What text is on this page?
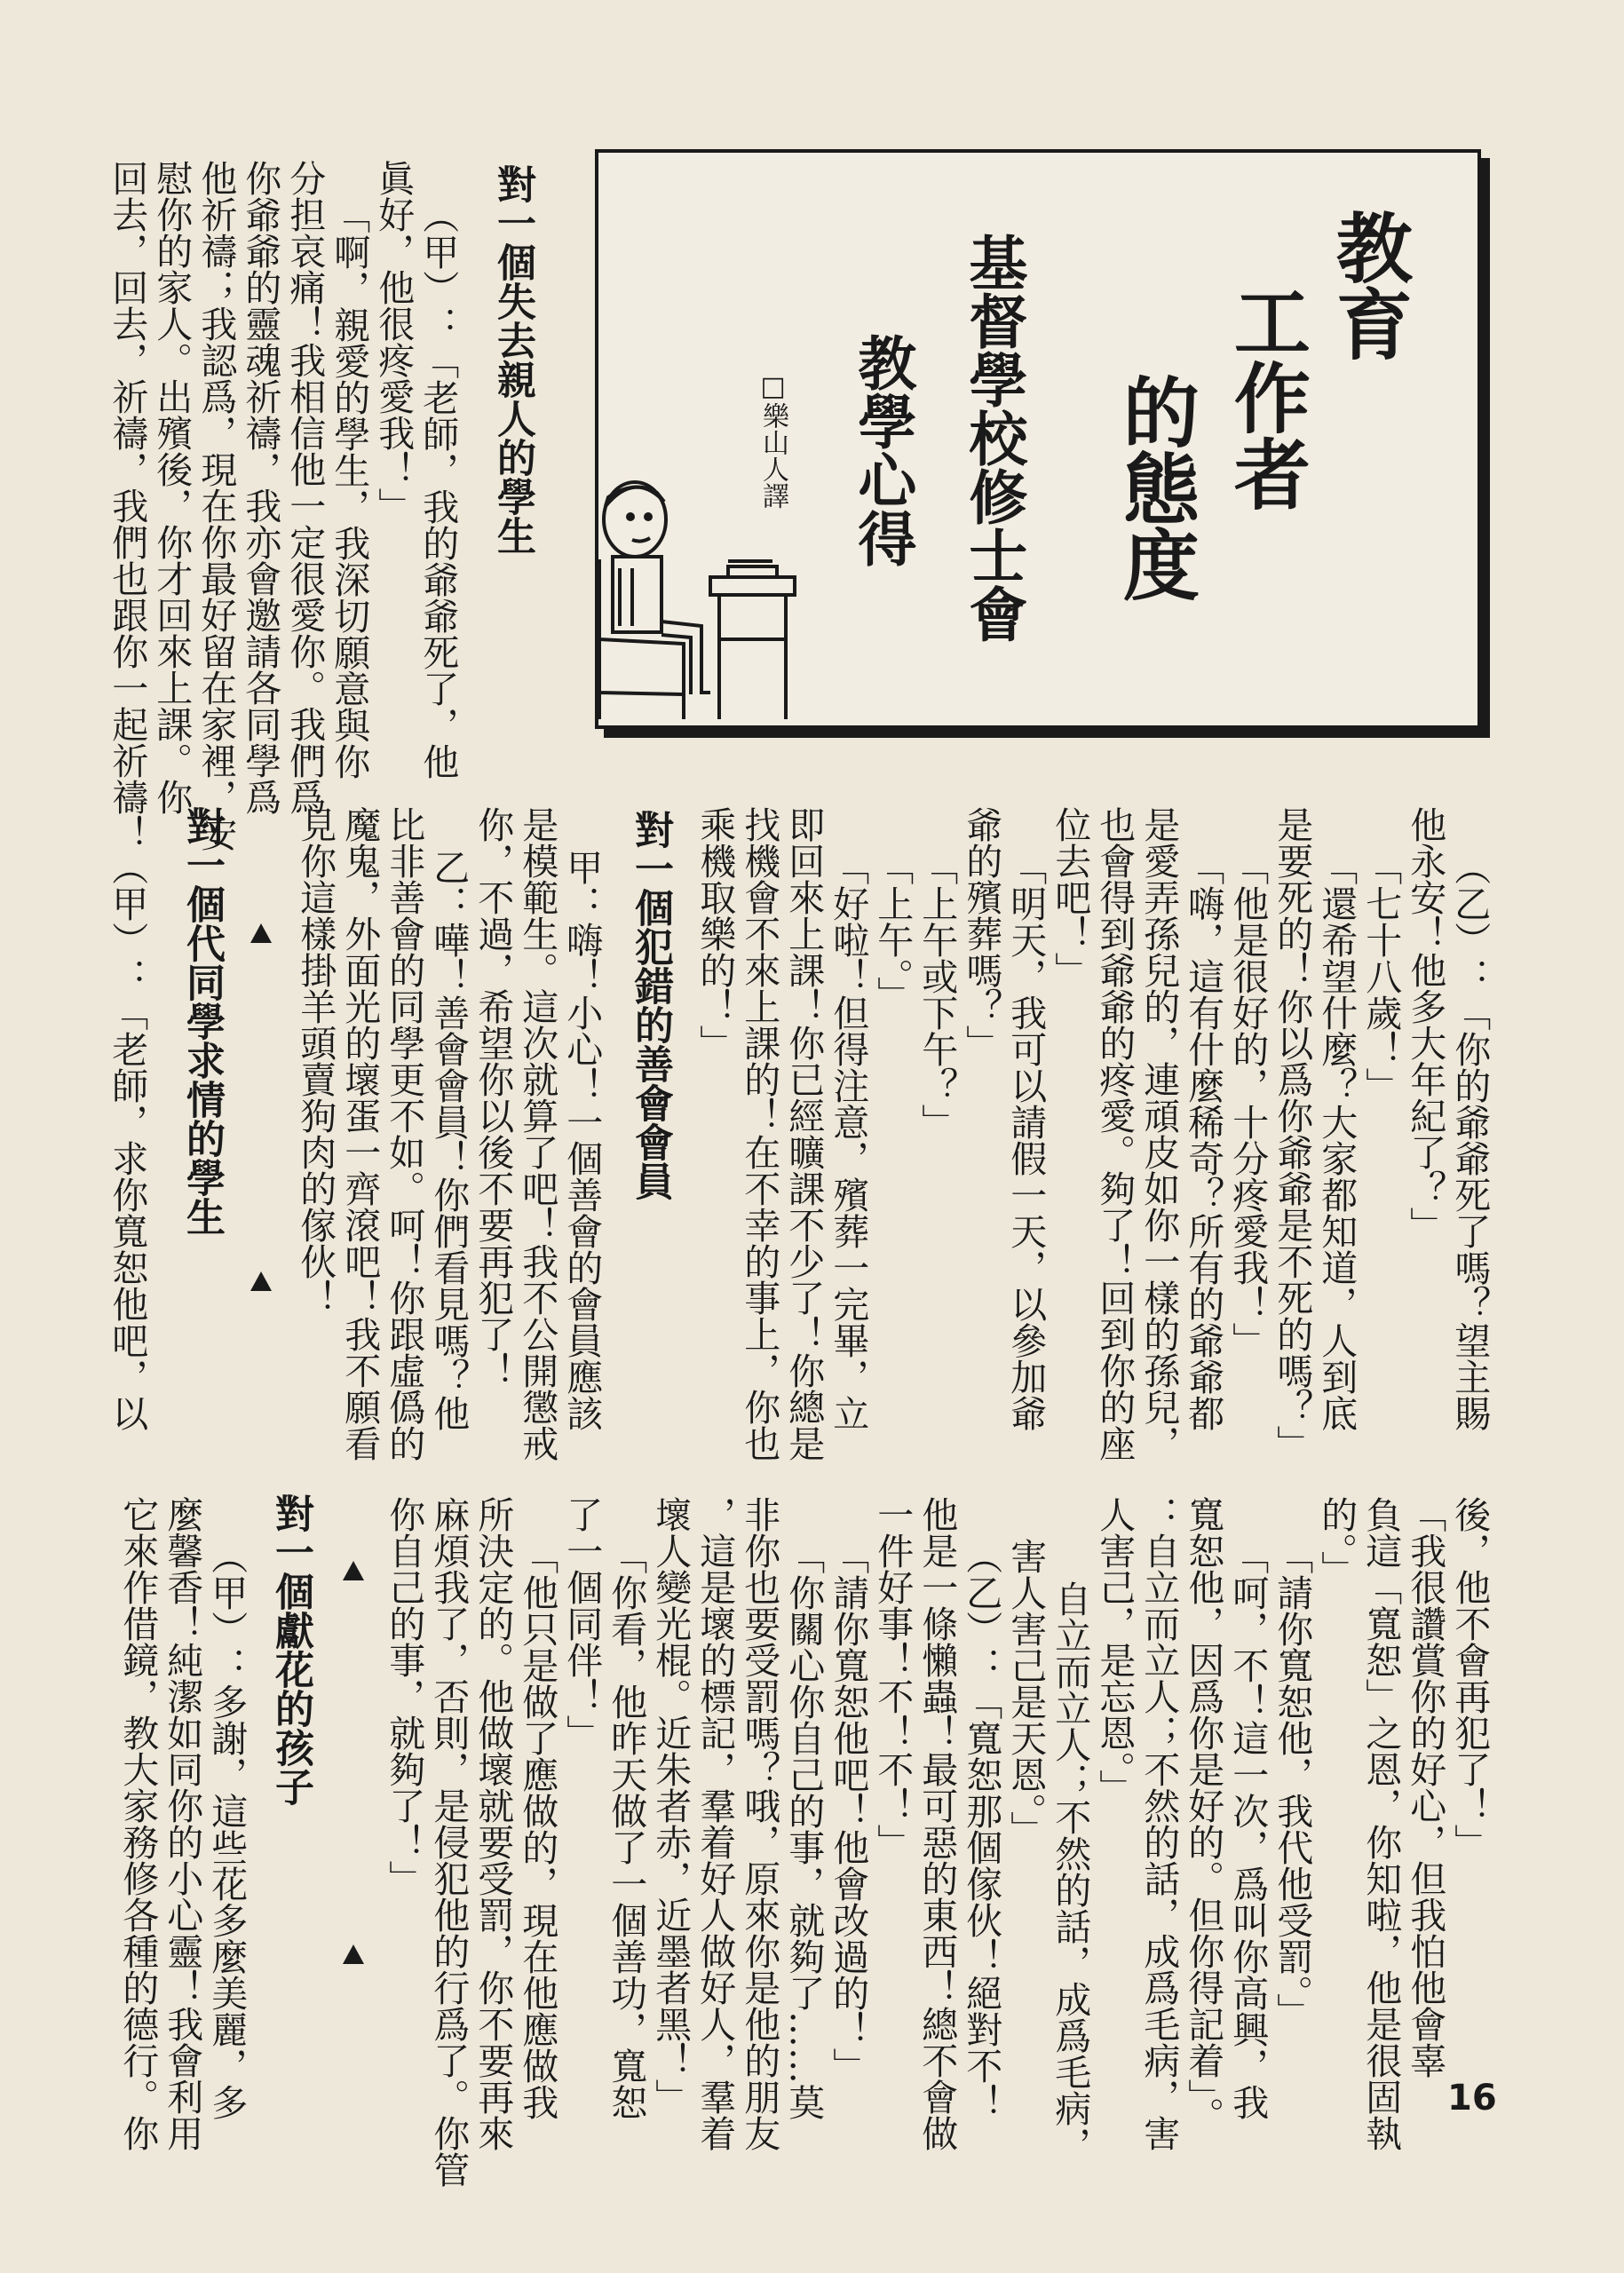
教育
工作者
的態度
基督學校修士會
教學心得
□樂山人譯
對一個失去親人的學生
（甲）：「老師，我的爺爺死了，他
眞好，他很疼愛我！」
「啊，親愛的學生，我深切願意與你
分担哀痛！我相信他一定很愛你。我們爲
你爺爺的靈魂祈禱，我亦會邀請各同學爲
他祈禱；我認爲，現在你最好留在家裡，安
慰你的家人。出殯後，你才回來上課。你
回去，回去，祈禱，我們也跟你一起祈禱！
（乙）：「你的爺爺死了嗎？望主賜
他永安！他多大年紀了？」
「七十八歲！」
「還希望什麼？大家都知道，人到底
是要死的！你以爲你爺爺是不死的嗎？」
「他是很好的，十分疼愛我！」
「嗨，這有什麼稀奇？所有的爺爺都
是愛弄孫兒的，連頑皮如你一樣的孫兒，
也會得到爺爺的疼愛。夠了！回到你的座
位去吧！」
「明天，我可以請假一天，以參加爺
爺的殯葬嗎？」
「上午或下午？」
「上午。」
「好啦！但得注意，殯葬一完畢，立
即回來上課！你已經曠課不少了！你總是
找機會不來上課的！在不幸的事上，你也
乘機取樂的！」
對一個犯錯的善會會員
甲：嗨！小心！一個善會的會員應該
是模範生。這次就算了吧！我不公開懲戒
你，不過，希望你以後不要再犯了！
乙：嘩！善會會員！你們看見嗎？他
比非善會的同學更不如。呵！你跟虛僞的
魔鬼，外面光的壞蛋一齊滾吧！我不願看
見你這樣掛羊頭賣狗肉的傢伙！
對一個代同學求情的學生
（甲）：「老師，求你寬恕他吧，以
後，他不會再犯了！」
「我很讚賞你的好心，但我怕他會辜
負這「寬恕」之恩，你知啦，他是很固執
的。」
「請你寬恕他，我代他受罰。」
「呵，不！這一次，爲叫你高興，我
寬恕他，因爲你是好的。但你得記着」。
：自立而立人；不然的話，成爲毛病，害
人害己，是忘恩。」
自立而立人；不然的話，成爲毛病，
害人害己是天恩。」
（乙）：「寬恕那個傢伙！絕對不！
他是一條懶蟲！最可惡的東西！總不會做
一件好事！不！不！」
「請你寬恕他吧！他會改過的！」
「你關心你自己的事，就夠了……莫
非你也要受罰嗎？哦，原來你是他的朋友
，這是壞的標記，羣着好人做好人，羣着
壞人變光棍。近朱者赤，近墨者黑！」
「你看，他昨天做了一個善功，寬恕
了一個同伴！」
「他只是做了應做的，現在他應做我
所決定的。他做壞就要受罰，你不要再來
麻煩我了，否則，是侵犯他的行爲了。你管
你自己的事，就夠了！」
對一個獻花的孩子
（甲）：多謝，這些花多麼美麗，多
麼馨香！純潔如同你的小心靈！我會利用
它來作借鏡，教大家務修各種的德行。你	16
